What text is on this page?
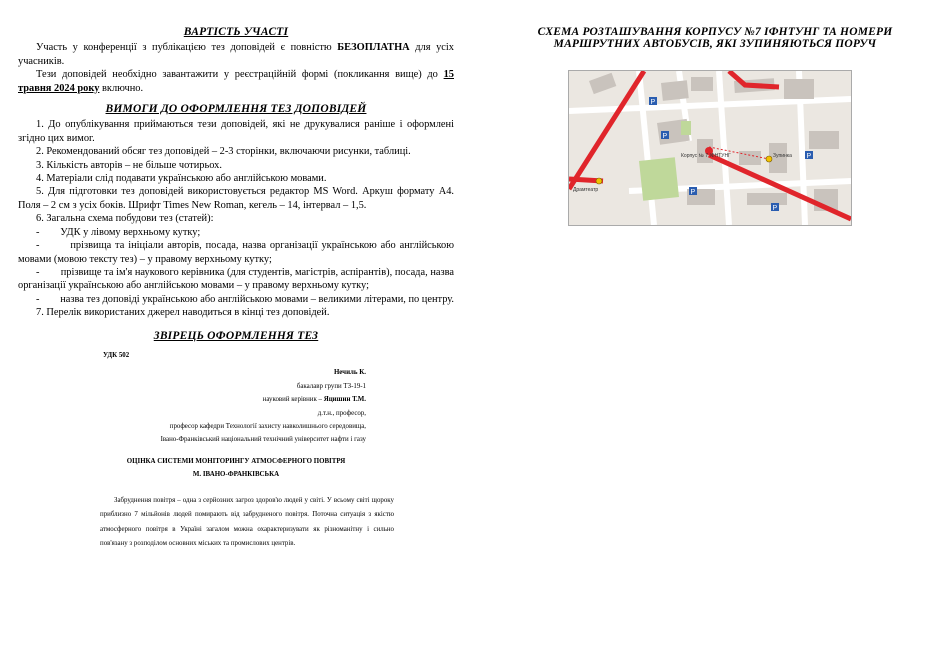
ВАРТІСТЬ УЧАСТІ

Участь у конференції з публікацією тез доповідей є повністю БЕЗОПЛАТНА для усіх учасників.

Тези доповідей необхідно завантажити у реєстраційній формі (покликання вище) до 15 травня 2024 року включно.

ВИМОГИ ДО ОФОРМЛЕННЯ ТЕЗ ДОПОВІДЕЙ

1. До опублікування приймаються тези доповідей, які не друкувалися раніше і оформлені згідно цих вимог.

2. Рекомендований обсяг тез доповідей – 2-3 сторінки, включаючи рисунки, таблиці.

3. Кількість авторів – не більше чотирьох.

4. Матеріали слід подавати українською або англійською мовами.

5. Для підготовки тез доповідей використовується редактор MS Word. Аркуш формату А4. Поля – 2 см з усіх боків. Шрифт Times New Roman, кегель – 14, інтервал – 1,5.

6. Загальна схема побудови тез (статей):

-        УДК у лівому верхньому кутку;

-        прізвища та ініціали авторів, посада, назва організації українською або англійською мовами (мовою тексту тез) – у правому верхньому кутку;

-        прізвище та ім'я наукового керівника (для студентів, магістрів, аспірантів), посада, назва організації українською або англійською мовами – у правому верхньому кутку;

-        назва тез доповіді українською або англійською мовами – великими літерами, по центру.

7. Перелік використаних джерел наводиться в кінці тез доповідей.

ЗВІРЕЦЬ ОФОРМЛЕННЯ ТЕЗ
УДК 502
Нечиль К.
бакалавр групи ТЗ-19-1
науковий керівник – Яцишин Т.М.
д.т.н., професор,
професор кафедри Технології захисту навколишнього середовища,
Івано-Франківський національний технічний університет нафти і газу
ОЦІНКА СИСТЕМИ МОНІТОРИНГУ АТМОСФЕРНОГО ПОВІТРЯ
М. ІВАНО-ФРАНКІВСЬКА

Забруднення повітря – одна з серйозних загроз здоров'ю людей у світі. У всьому світі щороку приблизно 7 мільйонів людей помирають від забрудненого повітря. Поточна ситуація з якістю атмосферного повітря в Україні загалом можна охарактеризувати як різноманітну і сильно пов'язану з розподілом основних міських та промислових центрів.

СХЕМА РОЗТАШУВАННЯ КОРПУСУ №7 ІФНТУНГ ТА НОМЕРИ
МАРШРУТНИХ АВТОБУСІВ, ЯКІ ЗУПИНЯЮТЬСЯ ПОРУЧ
P
P
P
P
P
Корпус № 7 ІФНТУНГ	Зупинка
Драмтеатр
